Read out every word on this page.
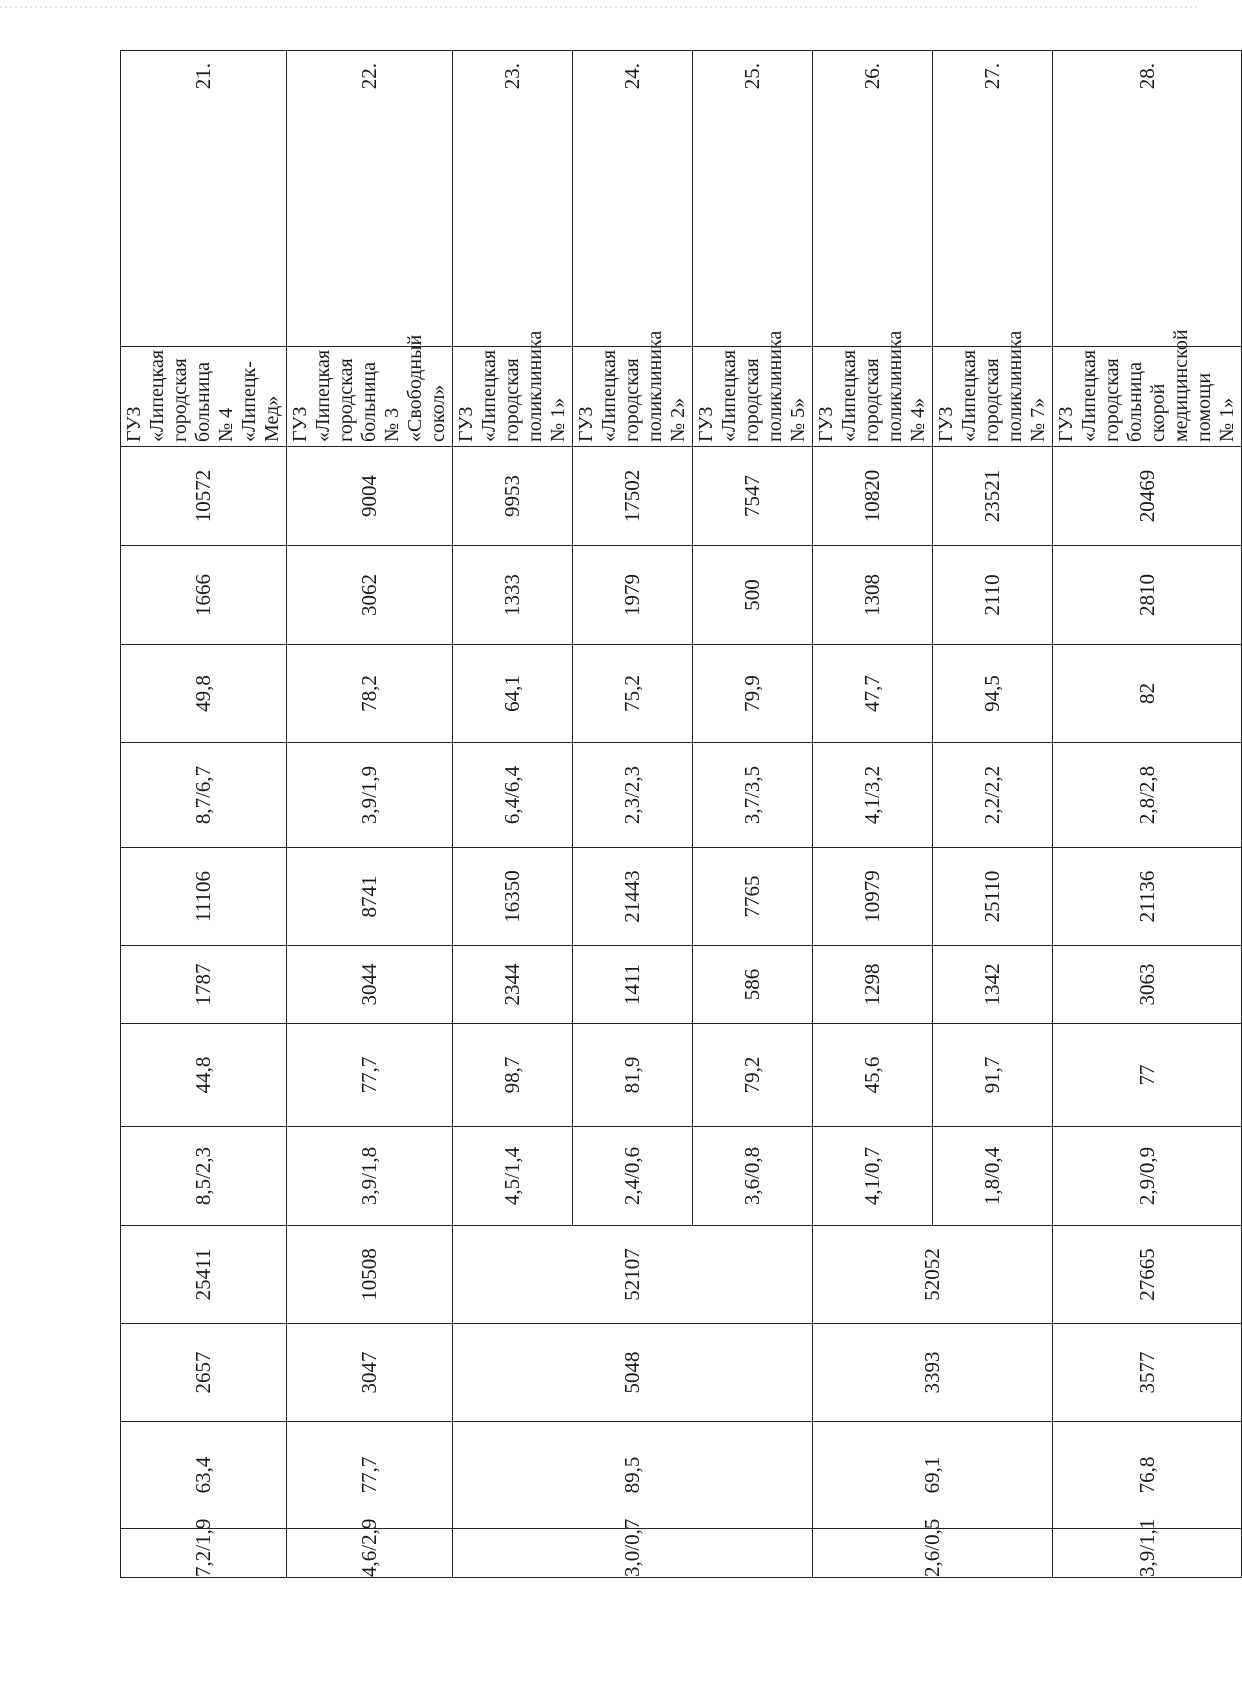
7,2/1,9	63,4	2657	25411	8,5/2,3	44,8	1787	11106	8,7/6,7	49,8	1666	10572	ГУЗ «Липецкая городская больница № 4 «Липецк-Мед»	21.
4,6/2,9	77,7	3047	10508	3,9/1,8	77,7	3044	8741	3,9/1,9	78,2	3062	9004	ГУЗ «Липецкая городская больница № 3 «Свободный сокол»	22.
3,0/0,7	89,5	5048	52107	4,5/1,4	98,7	2344	16350	6,4/6,4	64,1	1333	9953	ГУЗ «Липецкая городская поликлиника № 1»	23.
				2,4/0,6	81,9	1411	21443	2,3/2,3	75,2	1979	17502	ГУЗ «Липецкая городская поликлиника № 2»	24.
				3,6/0,8	79,2	586	7765	3,7/3,5	79,9	500	7547	ГУЗ «Липецкая городская поликлиника № 5»	25.
2,6/0,5	69,1	3393	52052	4,1/0,7	45,6	1298	10979	4,1/3,2	47,7	1308	10820	ГУЗ «Липецкая городская поликлиника № 4»	26.
				1,8/0,4	91,7	1342	25110	2,2/2,2	94,5	2110	23521	ГУЗ «Липецкая городская поликлиника № 7»	27.
3,9/1,1	76,8	3577	27665	2,9/0,9	77	3063	21136	2,8/2,8	82	2810	20469	ГУЗ «Липецкая городская больница скорой медицинской помощи № 1»	28.
